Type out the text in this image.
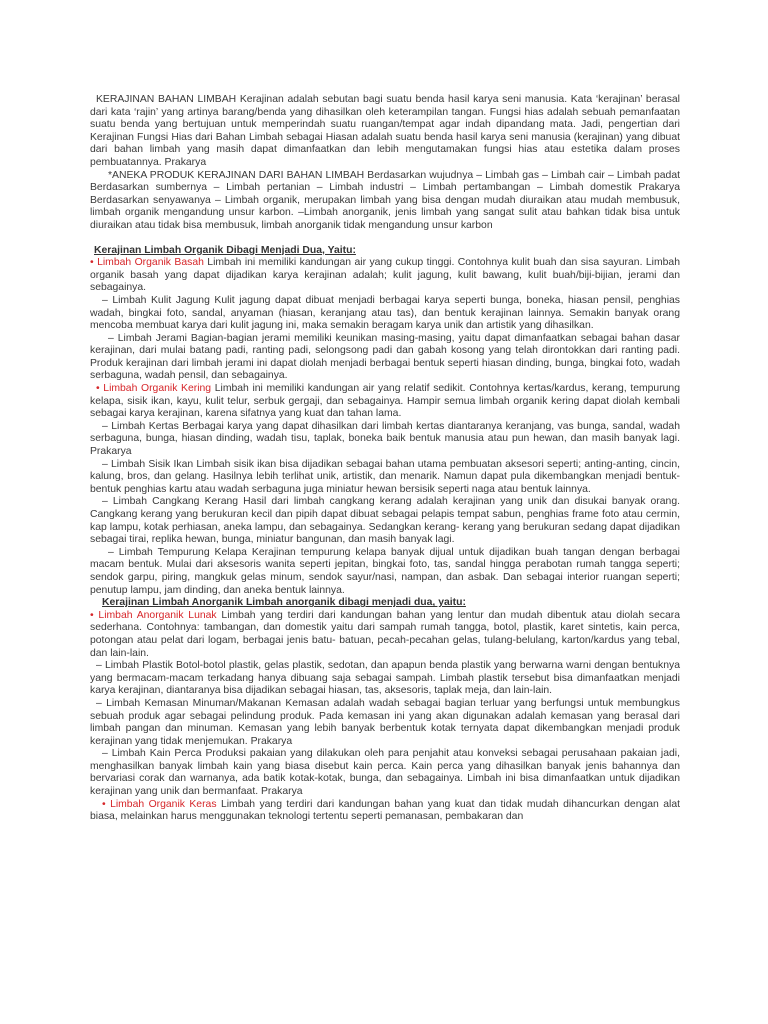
KERAJINAN BAHAN LIMBAH Kerajinan adalah sebutan bagi suatu benda hasil karya seni manusia. Kata ‘kerajinan’ berasal dari kata ‘rajin’ yang artinya barang/benda yang dihasilkan oleh keterampilan tangan. Fungsi hias adalah sebuah pemanfaatan suatu benda yang bertujuan untuk memperindah suatu ruangan/tempat agar indah dipandang mata. Jadi, pengertian dari Kerajinan Fungsi Hias dari Bahan Limbah sebagai Hiasan adalah suatu benda hasil karya seni manusia (kerajinan) yang dibuat dari bahan limbah yang masih dapat dimanfaatkan dan lebih mengutamakan fungsi hias atau estetika dalam proses pembuatannya. Prakarya

*ANEKA PRODUK KERAJINAN DARI BAHAN LIMBAH Berdasarkan wujudnya – Limbah gas – Limbah cair – Limbah padat Berdasarkan sumbernya – Limbah pertanian – Limbah industri – Limbah pertambangan – Limbah domestik Prakarya Berdasarkan senyawanya – Limbah organik, merupakan limbah yang bisa dengan mudah diuraikan atau mudah membusuk, limbah organik mengandung unsur karbon. –Limbah anorganik, jenis limbah yang sangat sulit atau bahkan tidak bisa untuk diuraikan atau tidak bisa membusuk, limbah anorganik tidak mengandung unsur karbon

Kerajinan Limbah Organik Dibagi Menjadi Dua, Yaitu:

• Limbah Organik Basah Limbah ini memiliki kandungan air yang cukup tinggi. Contohnya kulit buah dan sisa sayuran. Limbah organik basah yang dapat dijadikan karya kerajinan adalah; kulit jagung, kulit bawang, kulit buah/biji-bijian, jerami dan sebagainya.

– Limbah Kulit Jagung Kulit jagung dapat dibuat menjadi berbagai karya seperti bunga, boneka, hiasan pensil, penghias wadah, bingkai foto, sandal, anyaman (hiasan, keranjang atau tas), dan bentuk kerajinan lainnya. Semakin banyak orang mencoba membuat karya dari kulit jagung ini, maka semakin beragam karya unik dan artistik yang dihasilkan.

– Limbah Jerami Bagian-bagian jerami memiliki keunikan masing-masing, yaitu dapat dimanfaatkan sebagai bahan dasar kerajinan, dari mulai batang padi, ranting padi, selongsong padi dan gabah kosong yang telah dirontokkan dari ranting padi. Produk kerajinan dari limbah jerami ini dapat diolah menjadi berbagai bentuk seperti hiasan dinding, bunga, bingkai foto, wadah serbaguna, wadah pensil, dan sebagainya.

• Limbah Organik Kering Limbah ini memiliki kandungan air yang relatif sedikit. Contohnya kertas/kardus, kerang, tempurung kelapa, sisik ikan, kayu, kulit telur, serbuk gergaji, dan sebagainya. Hampir semua limbah organik kering dapat diolah kembali sebagai karya kerajinan, karena sifatnya yang kuat dan tahan lama.

– Limbah Kertas Berbagai karya yang dapat dihasilkan dari limbah kertas diantaranya keranjang, vas bunga, sandal, wadah serbaguna, bunga, hiasan dinding, wadah tisu, taplak, boneka baik bentuk manusia atau pun hewan, dan masih banyak lagi. Prakarya

– Limbah Sisik Ikan Limbah sisik ikan bisa dijadikan sebagai bahan utama pembuatan aksesori seperti; anting-anting, cincin, kalung, bros, dan gelang. Hasilnya lebih terlihat unik, artistik, dan menarik. Namun dapat pula dikembangkan menjadi bentuk- bentuk penghias kartu atau wadah serbaguna juga miniatur hewan bersisik seperti naga atau bentuk lainnya.

– Limbah Cangkang Kerang Hasil dari limbah cangkang kerang adalah kerajinan yang unik dan disukai banyak orang. Cangkang kerang yang berukuran kecil dan pipih dapat dibuat sebagai pelapis tempat sabun, penghias frame foto atau cermin, kap lampu, kotak perhiasan, aneka lampu, dan sebagainya. Sedangkan kerang- kerang yang berukuran sedang dapat dijadikan sebagai tirai, replika hewan, bunga, miniatur bangunan, dan masih banyak lagi.

– Limbah Tempurung Kelapa Kerajinan tempurung kelapa banyak dijual untuk dijadikan buah tangan dengan berbagai macam bentuk. Mulai dari aksesoris wanita seperti jepitan, bingkai foto, tas, sandal hingga perabotan rumah tangga seperti; sendok garpu, piring, mangkuk gelas minum, sendok sayur/nasi, nampan, dan asbak. Dan sebagai interior ruangan seperti; penutup lampu, jam dinding, dan aneka bentuk lainnya.

Kerajinan Limbah Anorganik Limbah anorganik dibagi menjadi dua, yaitu:

• Limbah Anorganik Lunak Limbah yang terdiri dari kandungan bahan yang lentur dan mudah dibentuk atau diolah secara sederhana. Contohnya: tambangan, dan domestik yaitu dari sampah rumah tangga, botol, plastik, karet sintetis, kain perca, potongan atau pelat dari logam, berbagai jenis batu- batuan, pecah-pecahan gelas, tulang-belulang, karton/kardus yang tebal, dan lain-lain.

– Limbah Plastik Botol-botol plastik, gelas plastik, sedotan, dan apapun benda plastik yang berwarna warni dengan bentuknya yang bermacam-macam terkadang hanya dibuang saja sebagai sampah. Limbah plastik tersebut bisa dimanfaatkan menjadi karya kerajinan, diantaranya bisa dijadikan sebagai hiasan, tas, aksesoris, taplak meja, dan lain-lain.

– Limbah Kemasan Minuman/Makanan Kemasan adalah wadah sebagai bagian terluar yang berfungsi untuk membungkus sebuah produk agar sebagai pelindung produk. Pada kemasan ini yang akan digunakan adalah kemasan yang berasal dari limbah pangan dan minuman. Kemasan yang lebih banyak berbentuk kotak ternyata dapat dikembangkan menjadi produk kerajinan yang tidak menjemukan. Prakarya

– Limbah Kain Perca Produksi pakaian yang dilakukan oleh para penjahit atau konveksi sebagai perusahaan pakaian jadi, menghasilkan banyak limbah kain yang biasa disebut kain perca. Kain perca yang dihasilkan banyak jenis bahannya dan bervariasi corak dan warnanya, ada batik kotak-kotak, bunga, dan sebagainya. Limbah ini bisa dimanfaatkan untuk dijadikan kerajinan yang unik dan bermanfaat. Prakarya

• Limbah Organik Keras Limbah yang terdiri dari kandungan bahan yang kuat dan tidak mudah dihancurkan dengan alat biasa, melainkan harus menggunakan teknologi tertentu seperti pemanasan, pembakaran dan
